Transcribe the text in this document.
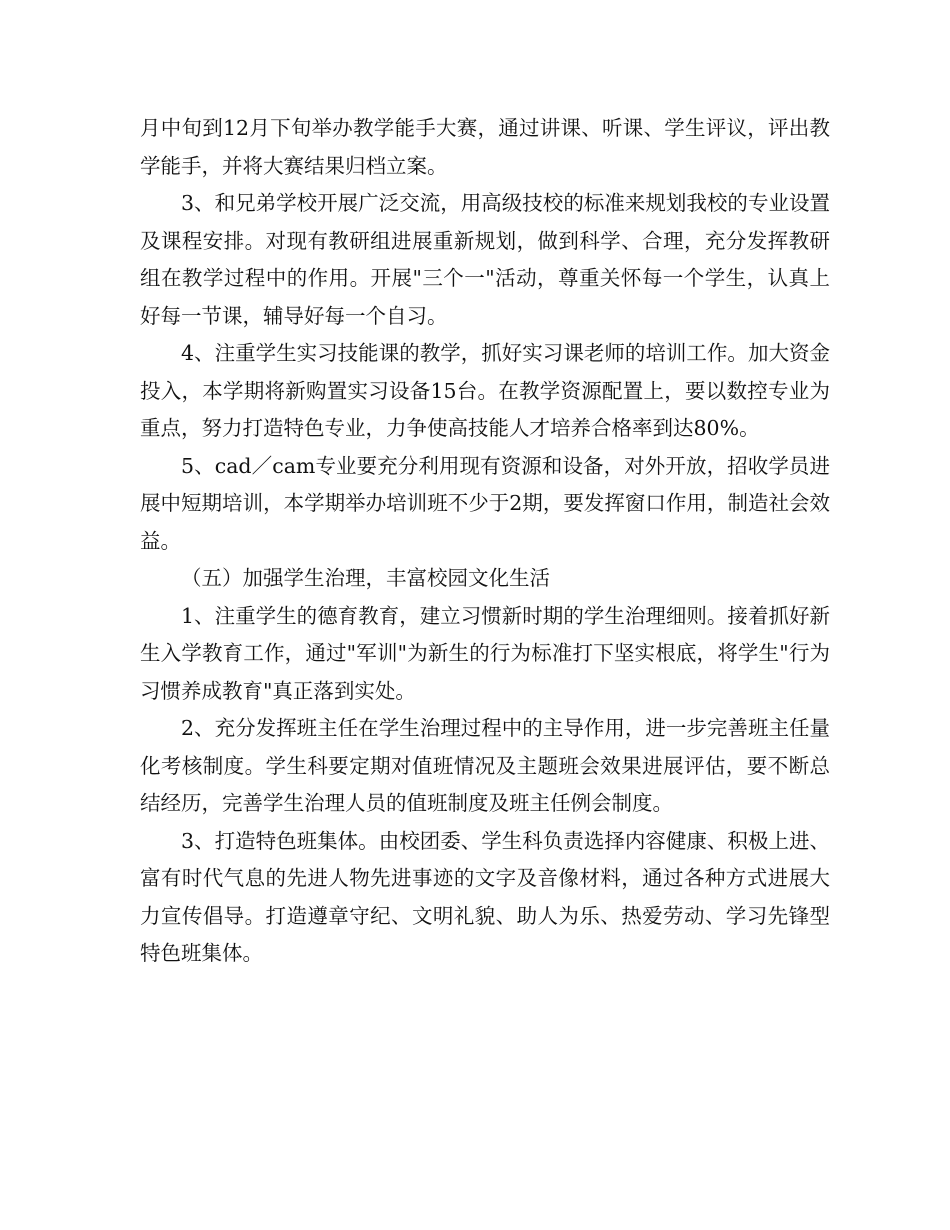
月中旬到12月下旬举办教学能手大赛，通过讲课、听课、学生评议，评出教学能手，并将大赛结果归档立案。

3、和兄弟学校开展广泛交流，用高级技校的标准来规划我校的专业设置及课程安排。对现有教研组进展重新规划，做到科学、合理，充分发挥教研组在教学过程中的作用。开展"三个一"活动，尊重关怀每一个学生，认真上好每一节课，辅导好每一个自习。

4、注重学生实习技能课的教学，抓好实习课老师的培训工作。加大资金投入，本学期将新购置实习设备15台。在教学资源配置上，要以数控专业为重点，努力打造特色专业，力争使高技能人才培养合格率到达80%。

5、cad／cam专业要充分利用现有资源和设备，对外开放，招收学员进展中短期培训，本学期举办培训班不少于2期，要发挥窗口作用，制造社会效益。

（五）加强学生治理，丰富校园文化生活

1、注重学生的德育教育，建立习惯新时期的学生治理细则。接着抓好新生入学教育工作，通过"军训"为新生的行为标准打下坚实根底，将学生"行为习惯养成教育"真正落到实处。

2、充分发挥班主任在学生治理过程中的主导作用，进一步完善班主任量化考核制度。学生科要定期对值班情况及主题班会效果进展评估，要不断总结经历，完善学生治理人员的值班制度及班主任例会制度。

3、打造特色班集体。由校团委、学生科负责选择内容健康、积极上进、富有时代气息的先进人物先进事迹的文字及音像材料，通过各种方式进展大力宣传倡导。打造遵章守纪、文明礼貌、助人为乐、热爱劳动、学习先锋型特色班集体。
